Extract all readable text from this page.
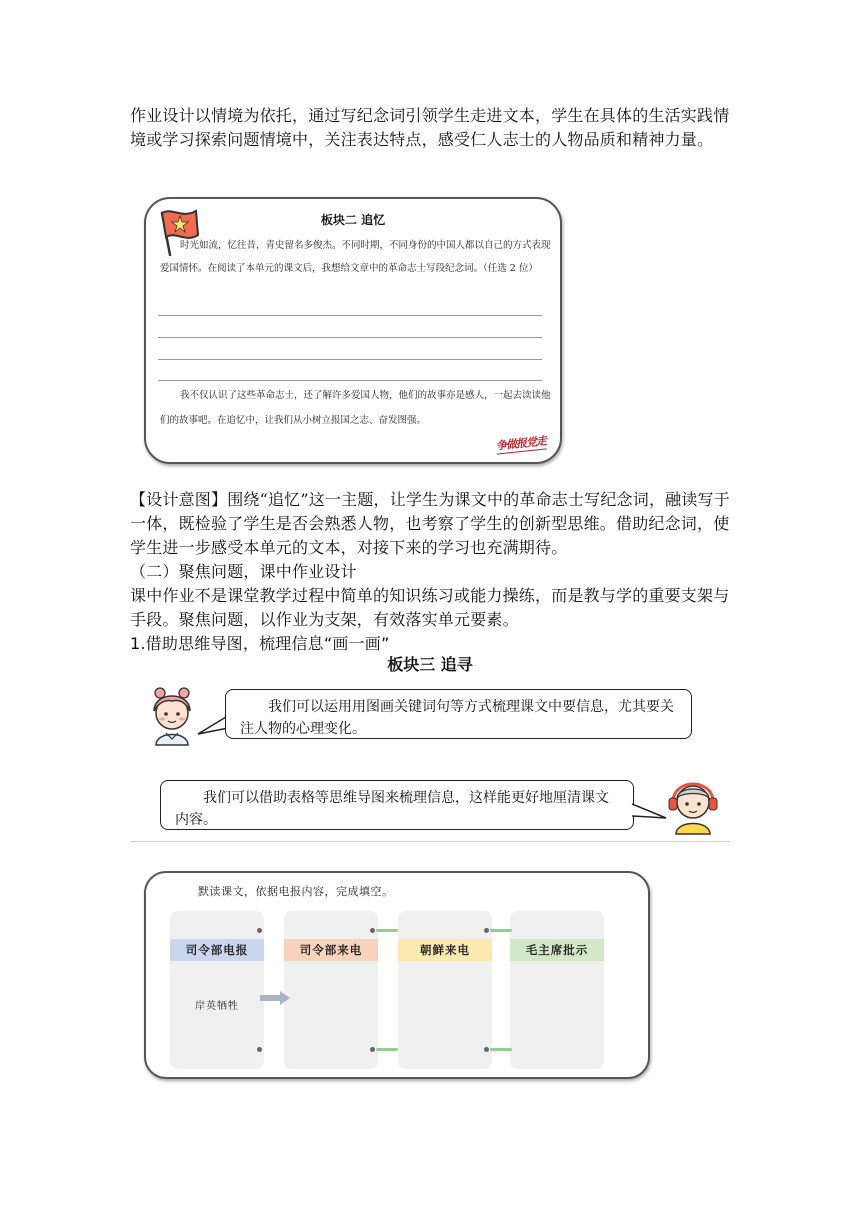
作业设计以情境为依托，通过写纪念词引领学生走进文本，学生在具体的生活实践情境或学习探索问题情境中，关注表达特点，感受仁人志士的人物品质和精神力量。
板块二 追忆
时光如流，忆往昔，青史留名多俊杰。不同时期，不同身份的中国人都以自己的方式表现爱国情怀。在阅读了本单元的课文后，我想给文章中的革命志士写段纪念词。（任选 2 位）
我不仅认识了这些革命志士，还了解许多爱国人物，他们的故事亦是感人，一起去读读他们的故事吧。在追忆中，让我们从小树立报国之志、奋发图强。
争做报党走
【设计意图】围绕“追忆”这一主题，让学生为课文中的革命志士写纪念词，融读写于一体，既检验了学生是否会熟悉人物，也考察了学生的创新型思维。借助纪念词，使学生进一步感受本单元的文本，对接下来的学习也充满期待。
（二）聚焦问题，课中作业设计
课中作业不是课堂教学过程中简单的知识练习或能力操练，而是教与学的重要支架与手段。聚焦问题，以作业为支架，有效落实单元要素。
1.借助思维导图，梳理信息“画一画”
板块三 追寻
我们可以运用用图画关键词句等方式梳理课文中要信息，尤其要关注人物的心理变化。
我们可以借助表格等思维导图来梳理信息，这样能更好地厘清课文内容。
默读课文，依据电报内容，完成填空。
司令部电报
岸英牺牲
司令部来电	朝鲜来电	毛主席批示
